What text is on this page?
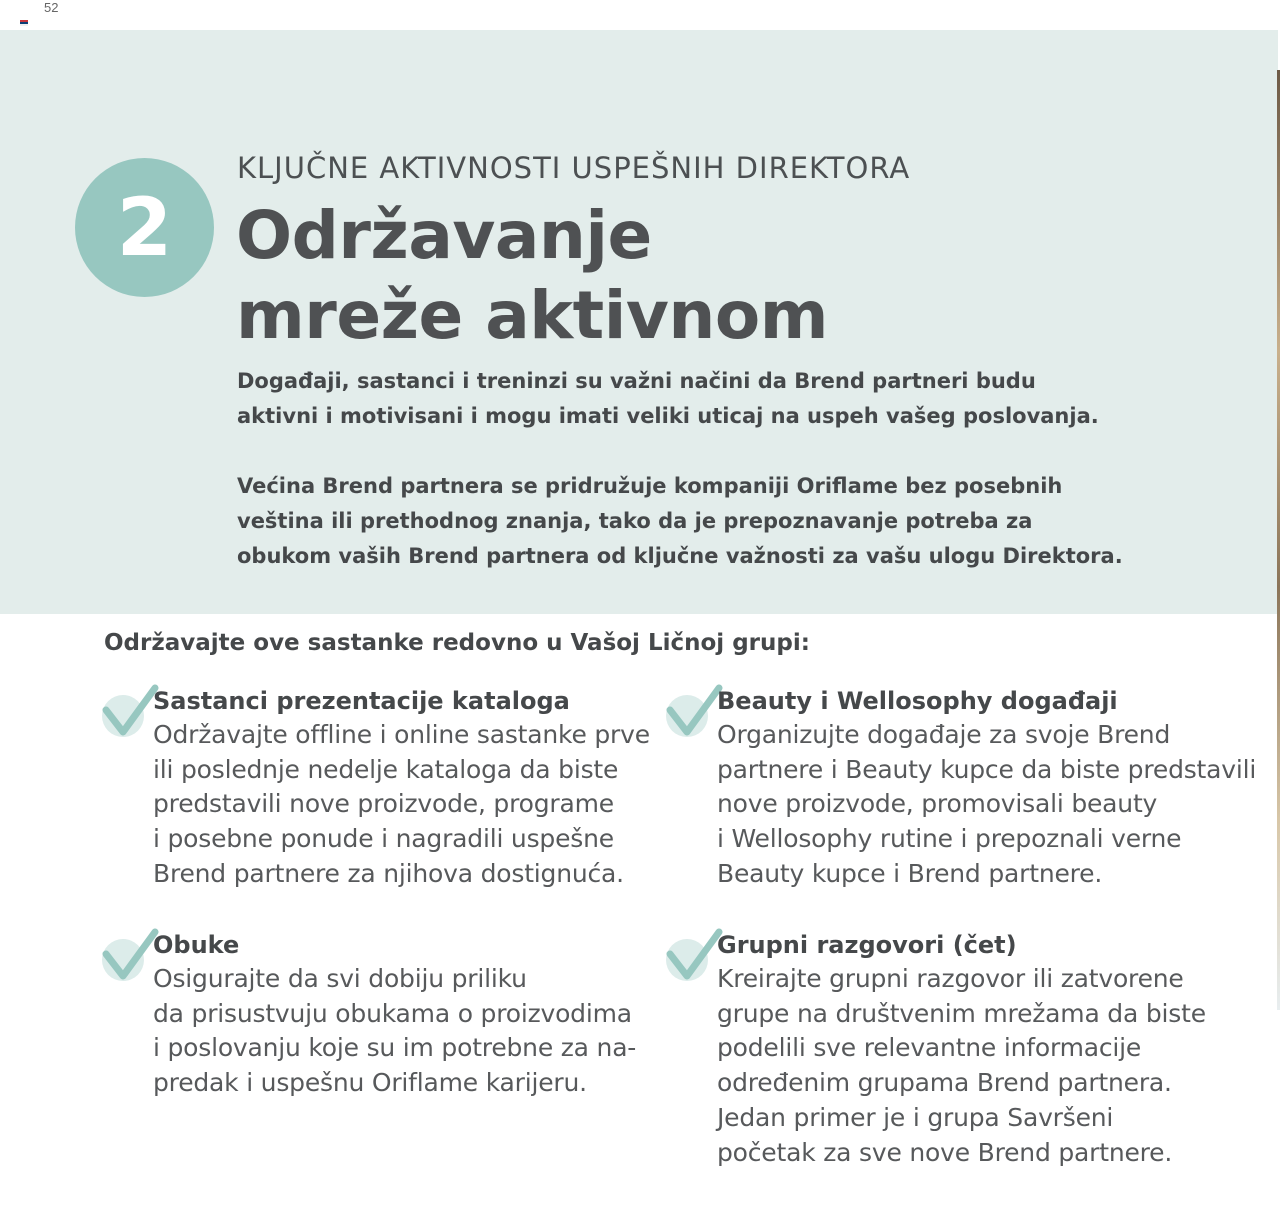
52
2
KLJUČNE AKTIVNOSTI USPEŠNIH DIREKTORA
Održavanje
mreže aktivnom

Događaji, sastanci i treninzi su važni načini da Brend partneri budu
aktivni i motivisani i mogu imati veliki uticaj na uspeh vašeg poslovanja.

Većina Brend partnera se pridružuje kompaniji Oriflame bez posebnih
veština ili prethodnog znanja, tako da je prepoznavanje potreba za
obukom vaših Brend partnera od ključne važnosti za vašu ulogu Direktora.

Održavajte ove sastanke redovno u Vašoj Ličnoj grupi:
Sastanci prezentacije kataloga
Održavajte offline i online sastanke prve
ili poslednje nedelje kataloga da biste
predstavili nove proizvode, programe
i posebne ponude i nagradili uspešne
Brend partnere za njihova dostignuća.
Beauty i Wellosophy događaji
Organizujte događaje za svoje Brend
partnere i Beauty kupce da biste predstavili
nove proizvode, promovisali beauty
i Wellosophy rutine i prepoznali verne
Beauty kupce i Brend partnere.
Obuke
Osigurajte da svi dobiju priliku
da prisustvuju obukama o proizvodima
i poslovanju koje su im potrebne za na-
predak i uspešnu Oriflame karijeru.
Grupni razgovori (čet)
Kreirajte grupni razgovor ili zatvorene
grupe na društvenim mrežama da biste
podelili sve relevantne informacije
određenim grupama Brend partnera.
Jedan primer je i grupa Savršeni
početak za sve nove Brend partnere.
